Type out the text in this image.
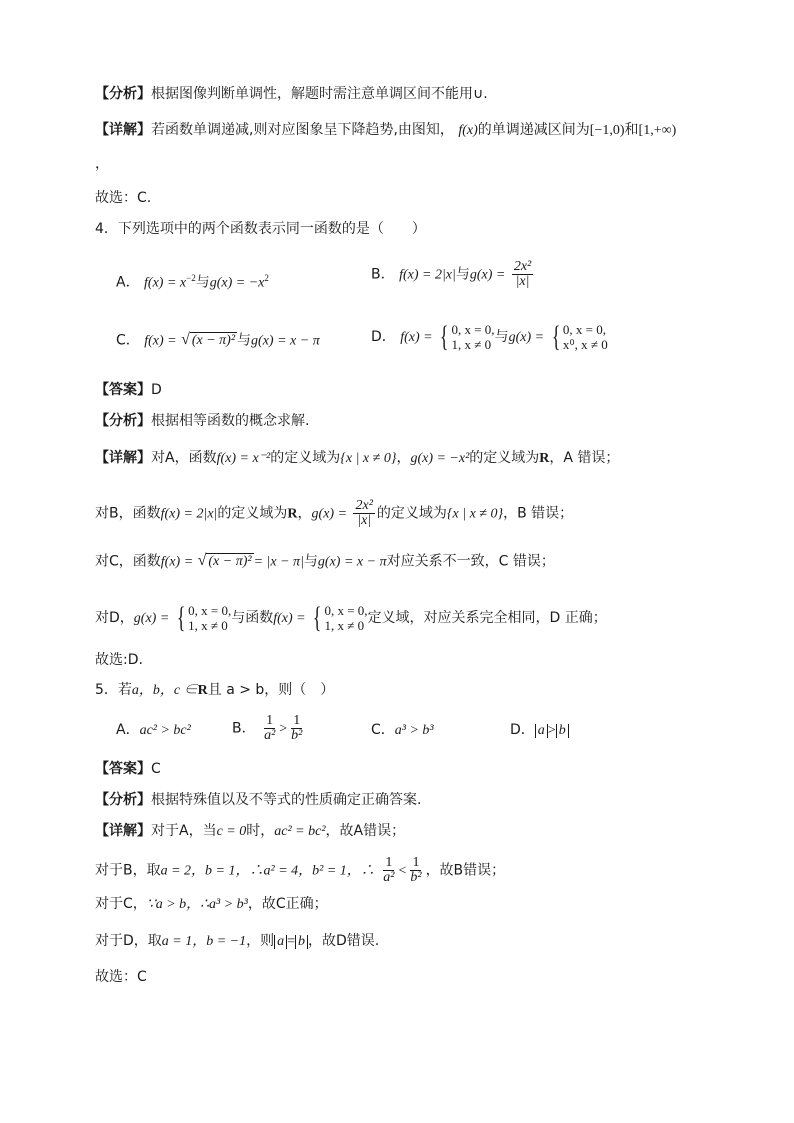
【分析】根据图像判断单调性，解题时需注意单调区间不能用∪.
【详解】若函数单调递减,则对应图象呈下降趋势,由图知， f(x)的单调递减区间为[−1,0)和[1,+∞)
，
故选：C.
4．下列选项中的两个函数表示同一函数的是（　　）
A． $f(x) = x^{-2}$与$g(x) = -x^2$	B． f(x) = 2|x|与$g(x) = \frac{\text{2x²}}{|x|}$
C． f(x) = √ (x − π)² 与g(x) = x − π	D． f(x) = { 0, x = 0,
1, x ≠ 0 与g(x) = { 0, x = 0,
x⁰, x ≠ 0
【答案】D
【分析】根据相等函数的概念求解.
【详解】对A，函数f(x) = x⁻²的定义域为{x | x ≠ 0}，g(x) = −x²的定义域为R，A 错误；
对B，函数f(x) = 2|x|的定义域为R，$g(x) = \frac{\text{2x²}}{|x|}$ 的定义域为{x | x ≠ 0}，B 错误；
对C，函数f(x) = √ (x − π)² = |x − π|与g(x) = x − π对应关系不一致，C 错误；
对D，g(x) = { 0, x = 0,
1, x ≠ 0 与函数f(x) = { 0, x = 0,
1, x ≠ 0 定义域，对应关系完全相同，D 正确；
故选:D.
5．若a，b，c ∈R且 a > b，则（　）
A．ac² > bc²	B． $\frac{1}{\text{a²}} > \frac{1}{\text{b²}}$	C．a³ > b³	D． a > b
【答案】C
【分析】根据特殊值以及不等式的性质确定正确答案.
【详解】对于A，当c = 0时，ac² = bc²，故A错误；
对于B，取a = 2，b = 1，∴a² = 4，b² = 1，∴ $\frac{1}{\text{a²}} < \frac{1}{\text{b²}}$ ，故B错误；
对于C，∵a > b，∴a³ > b³，故C正确；
对于D，取a = 1，b = −1，则 a = b ，故D错误.
故选：C
